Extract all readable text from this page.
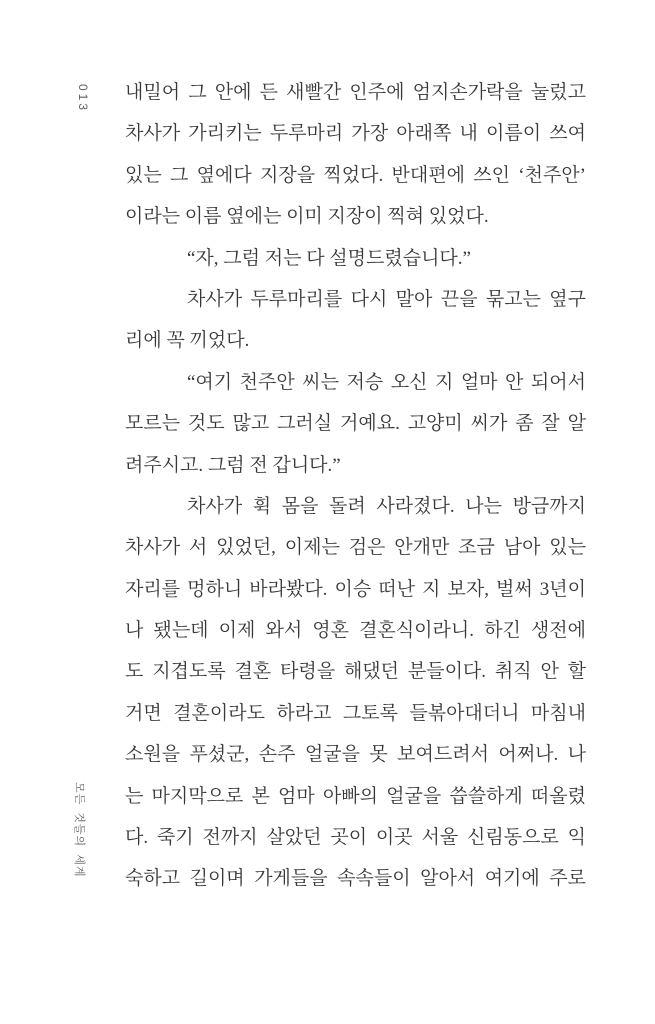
013 내밀어 그 안에 든 새빨간 인주에 엄지손가락을 눌렀고
차사가 가리키는 두루마리 가장 아래쪽 내 이름이 쓰여
있는 그 옆에다 지장을 찍었다. 반대편에 쓰인 ‘천주안’
이라는 이름 옆에는 이미 지장이 찍혀 있었다.
“자, 그럼 저는 다 설명드렸습니다.”
차사가 두루마리를 다시 말아 끈을 묶고는 옆구
리에 꼭 끼었다.
“여기 천주안 씨는 저승 오신 지 얼마 안 되어서
모르는 것도 많고 그러실 거예요. 고양미 씨가 좀 잘 알
려주시고. 그럼 전 갑니다.”
차사가 휙 몸을 돌려 사라졌다. 나는 방금까지
차사가 서 있었던, 이제는 검은 안개만 조금 남아 있는
자리를 멍하니 바라봤다. 이승 떠난 지 보자, 벌써 3년이
나 됐는데 이제 와서 영혼 결혼식이라니. 하긴 생전에
도 지겹도록 결혼 타령을 해댔던 분들이다. 취직 안 할
거면 결혼이라도 하라고 그토록 들볶아대더니 마침내
소원을 푸셨군, 손주 얼굴을 못 보여드려서 어쩌나. 나
는 마지막으로 본 엄마 아빠의 얼굴을 씁쓸하게 떠올렸
다. 죽기 전까지 살았던 곳이 이곳 서울 신림동으로 익
숙하고 길이며 가게들을 속속들이 알아서 여기에 주로
모든 것들의 세계
